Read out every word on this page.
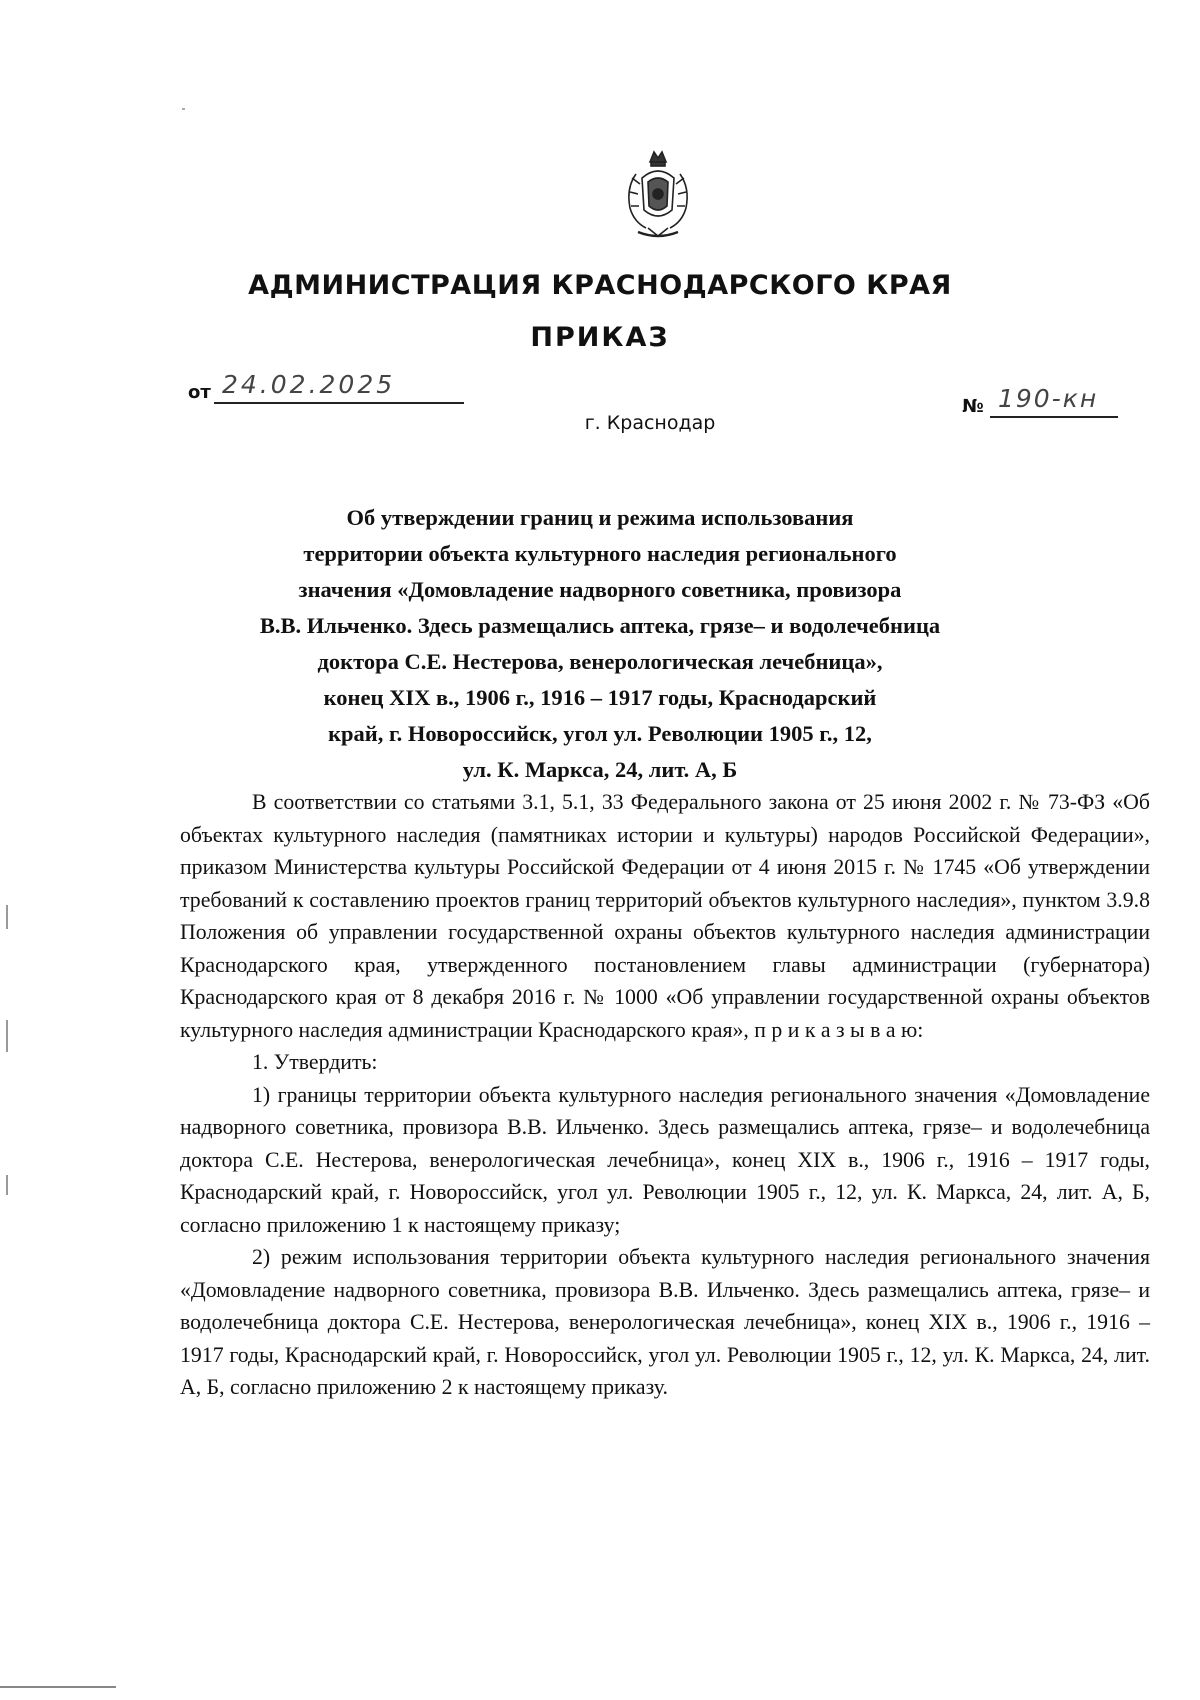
АДМИНИСТРАЦИЯ КРАСНОДАРСКОГО КРАЯ
ПРИКАЗ
от 24.02.2025
№ 190-кн
г. Краснодар
Об утверждении границ и режима использования
территории объекта культурного наследия регионального
значения «Домовладение надворного советника, провизора
В.В. Ильченко. Здесь размещались аптека, грязе– и водолечебница
доктора С.Е. Нестерова, венерологическая лечебница»,
конец XIX в., 1906 г., 1916 – 1917 годы, Краснодарский
край, г. Новороссийск, угол ул. Революции 1905 г., 12,
ул. К. Маркса, 24, лит. А, Б

В соответствии со статьями 3.1, 5.1, 33 Федерального закона от 25 июня 2002 г. № 73-ФЗ «Об объектах культурного наследия (памятниках истории и культуры) народов Российской Федерации», приказом Министерства культуры Российской Федерации от 4 июня 2015 г. № 1745 «Об утверждении требований к составлению проектов границ территорий объектов культурного наследия», пунктом 3.9.8 Положения об управлении государственной охраны объектов культурного наследия администрации Краснодарского края, утвержденного постановлением главы администрации (губернатора) Краснодарского края от 8 декабря 2016 г. № 1000 «Об управлении государственной охраны объектов культурного наследия администрации Краснодарского края», п р и к а з ы в а ю:

1. Утвердить:

1) границы территории объекта культурного наследия регионального значения «Домовладение надворного советника, провизора В.В. Ильченко. Здесь размещались аптека, грязе– и водолечебница доктора С.Е. Нестерова, венерологическая лечебница», конец XIX в., 1906 г., 1916 – 1917 годы, Краснодарский край, г. Новороссийск, угол ул. Революции 1905 г., 12, ул. К. Маркса, 24, лит. А, Б, согласно приложению 1 к настоящему приказу;

2) режим использования территории объекта культурного наследия регионального значения «Домовладение надворного советника, провизора В.В. Ильченко. Здесь размещались аптека, грязе– и водолечебница доктора С.Е. Нестерова, венерологическая лечебница», конец XIX в., 1906 г., 1916 – 1917 годы, Краснодарский край, г. Новороссийск, угол ул. Революции 1905 г., 12, ул. К. Маркса, 24, лит. А, Б, согласно приложению 2 к настоящему приказу.
